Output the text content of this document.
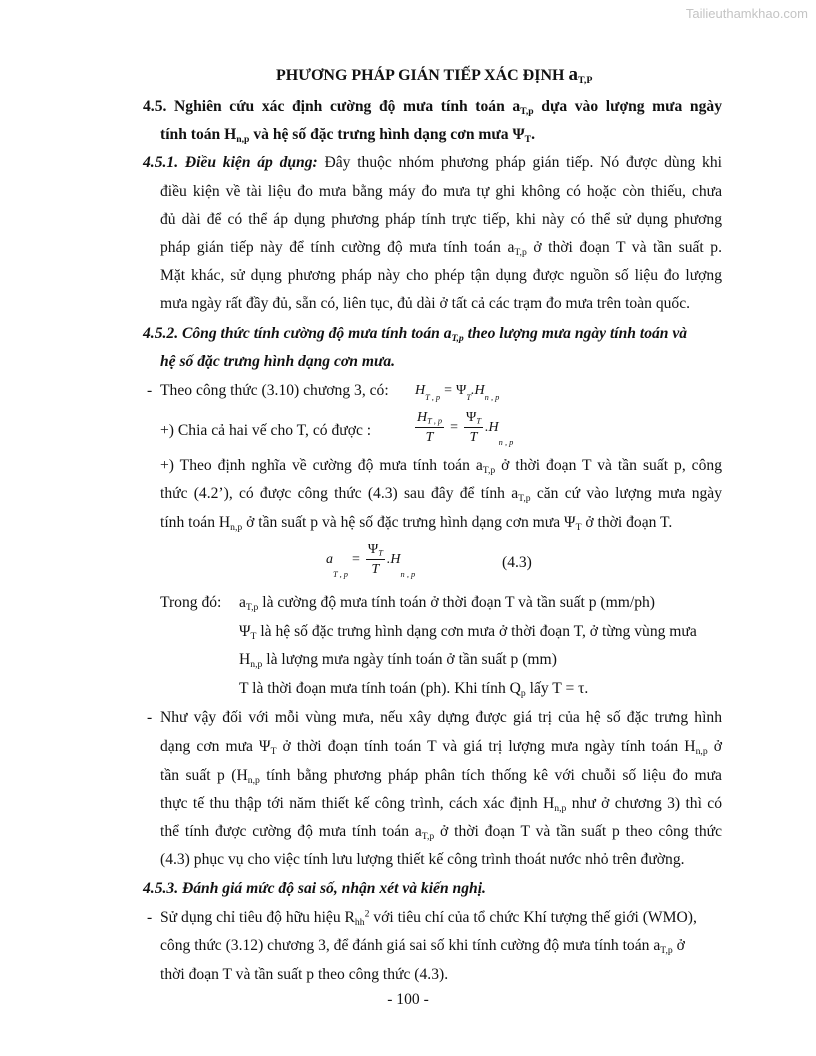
Tailieuthamkhao.com
PHƯƠNG PHÁP GIÁN TIẾP XÁC ĐỊNH $a_{T,P}$
4.5. Nghiên cứu xác định cường độ mưa tính toán $a_{T,p}$ dựa vào lượng mưa ngày
tính toán $H_{n,p}$ và hệ số đặc trưng hình dạng cơn mưa $\Psi_T$.
4.5.1. Điều kiện áp dụng: Đây thuộc nhóm phương pháp gián tiếp. Nó được dùng khi
điều kiện về tài liệu đo mưa bằng máy đo mưa tự ghi không có hoặc còn thiếu, chưa
đủ dài để có thể áp dụng phương pháp tính trực tiếp, khi này có thể sử dụng phương
pháp gián tiếp này để tính cường độ mưa tính toán $a_{T,p}$ ở thời đoạn T và tần suất p.
Mặt khác, sử dụng phương pháp này cho phép tận dụng được nguồn số liệu đo lượng
mưa ngày rất đầy đủ, sẵn có, liên tục, đủ dài ở tất cả các trạm đo mưa trên toàn quốc.
4.5.2. Công thức tính cường độ mưa tính toán $a_{T,p}$ theo lượng mưa ngày tính toán và
hệ số đặc trưng hình dạng cơn mưa.
- Theo công thức (3.10) chương 3, có: $H_{T , p} = \Psi_T$ $.H_{n , p}$
+) Chia cả hai vế cho T, có được :	$\frac{H_{T , p}}{T} = \frac{\Psi_T}{T} .H$
n , p
+) Theo định nghĩa về cường độ mưa tính toán $a_{T,p}$ ở thời đoạn T và tần suất p, công
thức (4.2’), có được công thức (4.3) sau đây để tính $a_{T,p}$ căn cứ vào lượng mưa ngày
tính toán $H_{n,p}$ ở tần suất p và hệ số đặc trưng hình dạng cơn mưa $\Psi_T$ ở thời đoạn T.
a
T , p
= $\frac{\Psi_T}{T} .H$
n , p
(4.3)
Trong đó: $a_{T,p}$ là cường độ mưa tính toán ở thời đoạn T và tần suất p (mm/ph)
$\Psi_T$ là hệ số đặc trưng hình dạng cơn mưa ở thời đoạn T, ở từng vùng mưa
$H_{n,p}$ là lượng mưa ngày tính toán ở tần suất p (mm)
T là thời đoạn mưa tính toán (ph). Khi tính $Q_p$ lấy T = τ.
- Như vậy đối với mỗi vùng mưa, nếu xây dựng được giá trị của hệ số đặc trưng hình
dạng cơn mưa $\Psi_T$ ở thời đoạn tính toán T và giá trị lượng mưa ngày tính toán $H_{n,p}$ ở
tần suất p ($H_{n,p}$ tính bằng phương pháp phân tích thống kê với chuỗi số liệu đo mưa
thực tế thu thập tới năm thiết kế công trình, cách xác định $H_{n,p}$ như ở chương 3) thì có
thể tính được cường độ mưa tính toán $a_{T,p}$ ở thời đoạn T và tần suất p theo công thức
(4.3) phục vụ cho việc tính lưu lượng thiết kế công trình thoát nước nhỏ trên đường.
4.5.3. Đánh giá mức độ sai số, nhận xét và kiến nghị.
- Sử dụng chỉ tiêu độ hữu hiệu $R_{hh}^2$ với tiêu chí của tổ chức Khí tượng thế giới (WMO),
công thức (3.12) chương 3, để đánh giá sai số khi tính cường độ mưa tính toán $a_{T,p}$ ở
thời đoạn T và tần suất p theo công thức (4.3).
- 100 -
